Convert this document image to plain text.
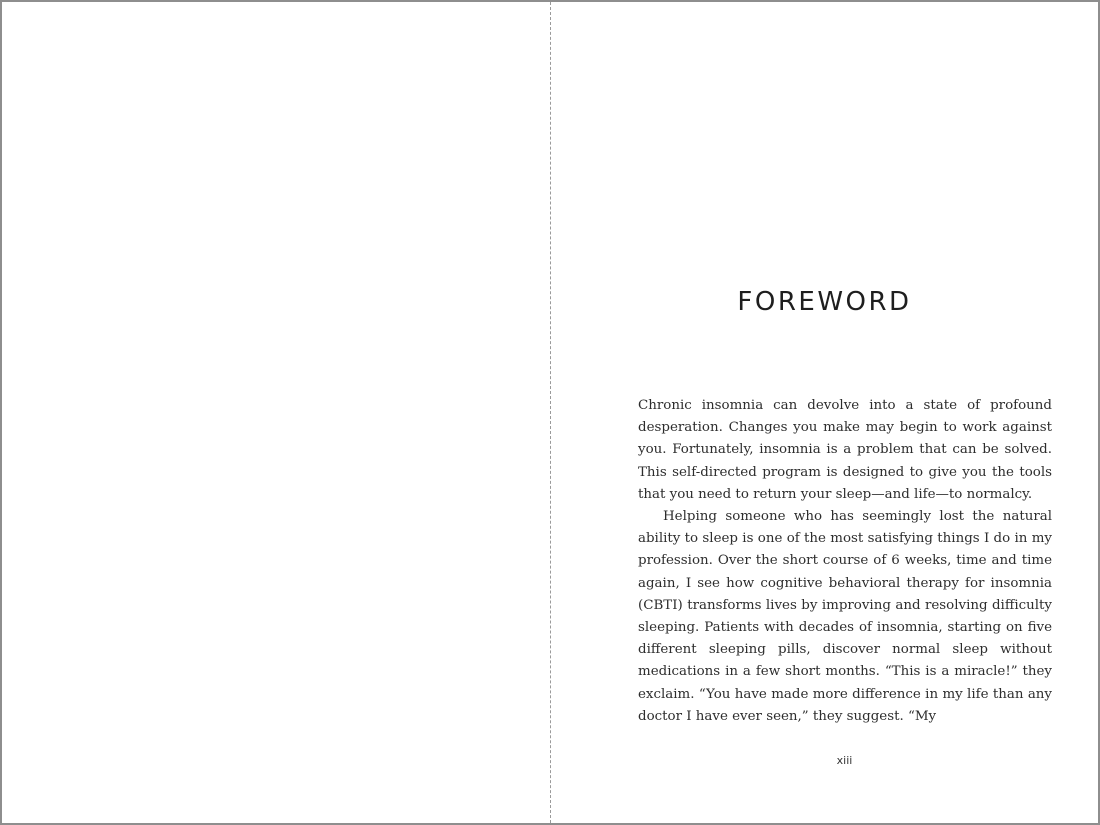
FOREWORD

Chronic insomnia can devolve into a state of profound desperation. Changes you make may begin to work against you. Fortunately, insomnia is a problem that can be solved. This self-directed program is designed to give you the tools that you need to return your sleep—and life—to normalcy.

Helping someone who has seemingly lost the natural ability to sleep is one of the most satisfying things I do in my profession. Over the short course of 6 weeks, time and time again, I see how cognitive behavioral therapy for insomnia (CBTI) transforms lives by improving and resolving difficulty sleeping. Patients with decades of insomnia, starting on five different sleeping pills, discover normal sleep without medications in a few short months. “This is a miracle!” they exclaim. “You have made more difference in my life than any doctor I have ever seen,” they suggest. “My

xiii
